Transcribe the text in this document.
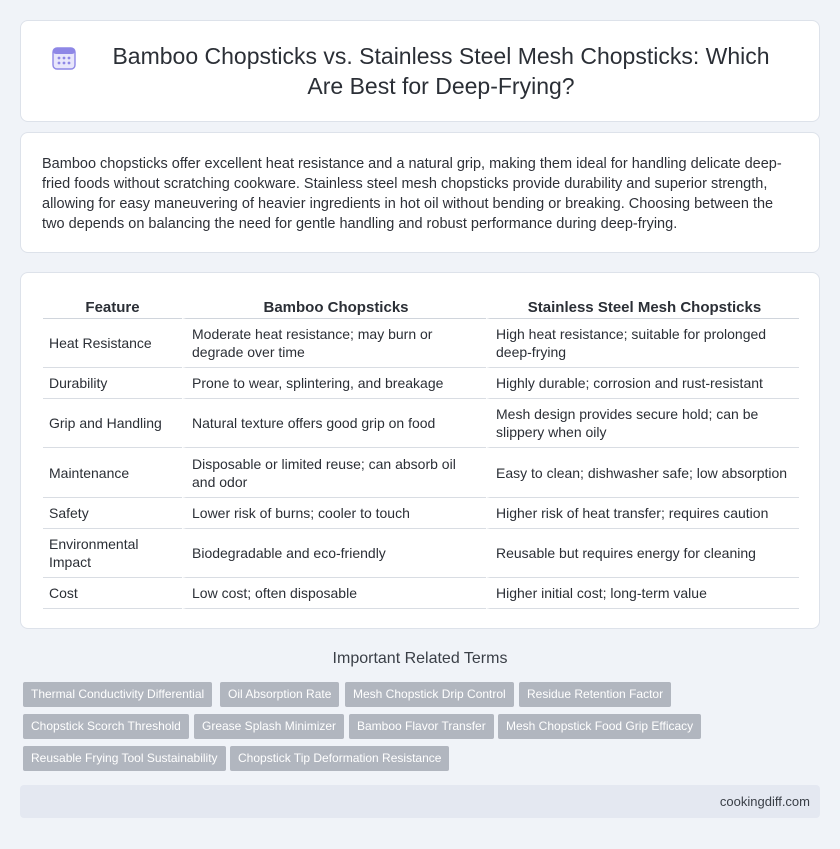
Bamboo Chopsticks vs. Stainless Steel Mesh Chopsticks: Which Are Best for Deep-Frying?

Bamboo chopsticks offer excellent heat resistance and a natural grip, making them ideal for handling delicate deep-fried foods without scratching cookware. Stainless steel mesh chopsticks provide durability and superior strength, allowing for easy maneuvering of heavier ingredients in hot oil without bending or breaking. Choosing between the two depends on balancing the need for gentle handling and robust performance during deep-frying.

Feature	Bamboo Chopsticks	Stainless Steel Mesh Chopsticks
Heat Resistance	Moderate heat resistance; may burn or degrade over time	High heat resistance; suitable for prolonged deep-frying
Durability	Prone to wear, splintering, and breakage	Highly durable; corrosion and rust-resistant
Grip and Handling	Natural texture offers good grip on food	Mesh design provides secure hold; can be slippery when oily
Maintenance	Disposable or limited reuse; can absorb oil and odor	Easy to clean; dishwasher safe; low absorption
Safety	Lower risk of burns; cooler to touch	Higher risk of heat transfer; requires caution
Environmental Impact	Biodegradable and eco-friendly	Reusable but requires energy for cleaning
Cost	Low cost; often disposable	Higher initial cost; long-term value
Important Related Terms
Thermal Conductivity Differential	Oil Absorption Rate	Mesh Chopstick Drip Control	Residue Retention Factor
Chopstick Scorch Threshold	Grease Splash Minimizer	Bamboo Flavor Transfer	Mesh Chopstick Food Grip Efficacy
Reusable Frying Tool Sustainability	Chopstick Tip Deformation Resistance
cookingdiff.com
